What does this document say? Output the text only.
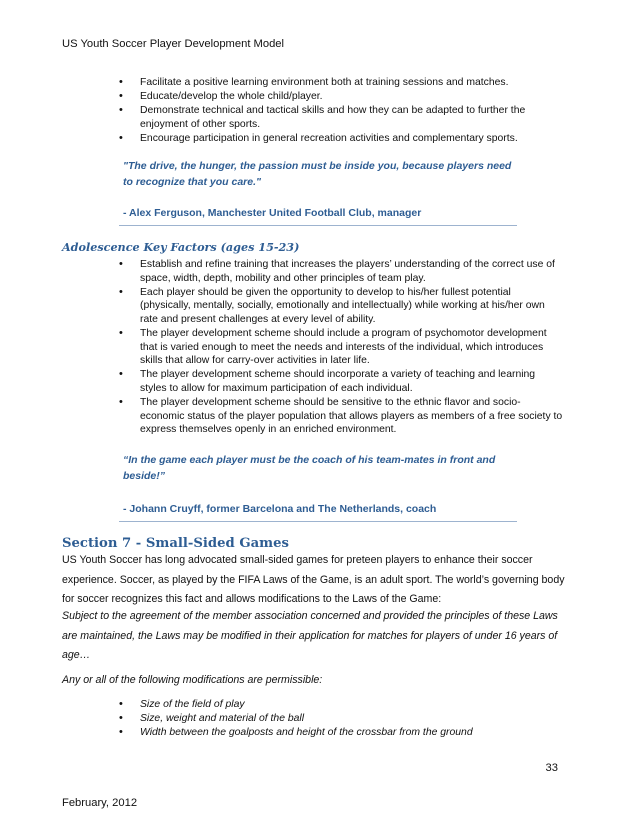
US Youth Soccer Player Development Model
• Facilitate a positive learning environment both at training sessions and matches.
• Educate/develop the whole child/player.
• Demonstrate technical and tactical skills and how they can be adapted to further the enjoyment of other sports.
• Encourage participation in general recreation activities and complementary sports.

"The drive, the hunger, the passion must be inside you, because players need to recognize that you care."

- Alex Ferguson, Manchester United Football Club, manager

Adolescence Key Factors (ages 15-23)
• Establish and refine training that increases the players’ understanding of the correct use of space, width, depth, mobility and other principles of team play.
• Each player should be given the opportunity to develop to his/her fullest potential (physically, mentally, socially, emotionally and intellectually) while working at his/her own rate and present challenges at every level of ability.
• The player development scheme should include a program of psychomotor development that is varied enough to meet the needs and interests of the individual, which introduces skills that allow for carry-over activities in later life.
• The player development scheme should incorporate a variety of teaching and learning styles to allow for maximum participation of each individual.
• The player development scheme should be sensitive to the ethnic flavor and socio-economic status of the player population that allows players as members of a free society to express themselves openly in an enriched environment.

“In the game each player must be the coach of his team-mates in front and beside!”

- Johann Cruyff, former Barcelona and The Netherlands, coach

Section 7 - Small-Sided Games

US Youth Soccer has long advocated small-sided games for preteen players to enhance their soccer experience. Soccer, as played by the FIFA Laws of the Game, is an adult sport. The world’s governing body for soccer recognizes this fact and allows modifications to the Laws of the Game:

Subject to the agreement of the member association concerned and provided the principles of these Laws are maintained, the Laws may be modified in their application for matches for players of under 16 years of age…

Any or all of the following modifications are permissible:

• Size of the field of play
• Size, weight and material of the ball
• Width between the goalposts and height of the crossbar from the ground
33
February, 2012
